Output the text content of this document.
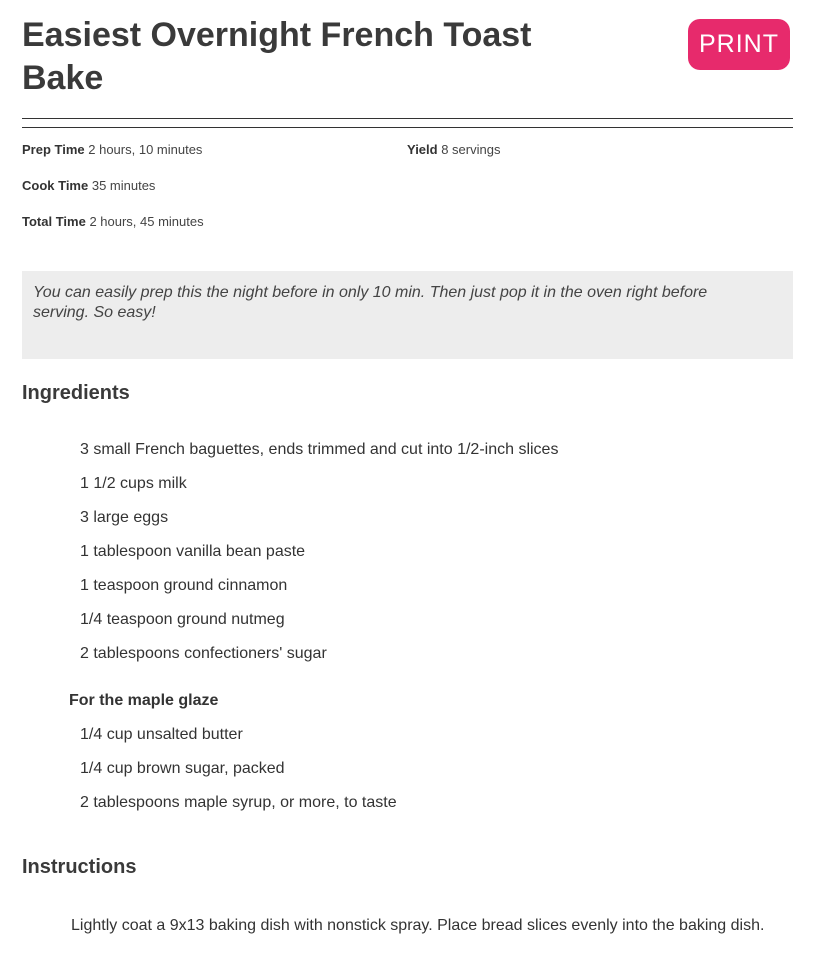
Easiest Overnight French Toast Bake
PRINT
Prep Time 2 hours, 10 minutes
Cook Time 35 minutes
Total Time 2 hours, 45 minutes
Yield 8 servings
You can easily prep this the night before in only 10 min. Then just pop it in the oven right before serving. So easy!
Ingredients
3 small French baguettes, ends trimmed and cut into 1/2-inch slices
1 1/2 cups milk
3 large eggs
1 tablespoon vanilla bean paste
1 teaspoon ground cinnamon
1/4 teaspoon ground nutmeg
2 tablespoons confectioners' sugar
For the maple glaze
1/4 cup unsalted butter
1/4 cup brown sugar, packed
2 tablespoons maple syrup, or more, to taste
Instructions
Lightly coat a 9x13 baking dish with nonstick spray. Place bread slices evenly into the baking dish.
